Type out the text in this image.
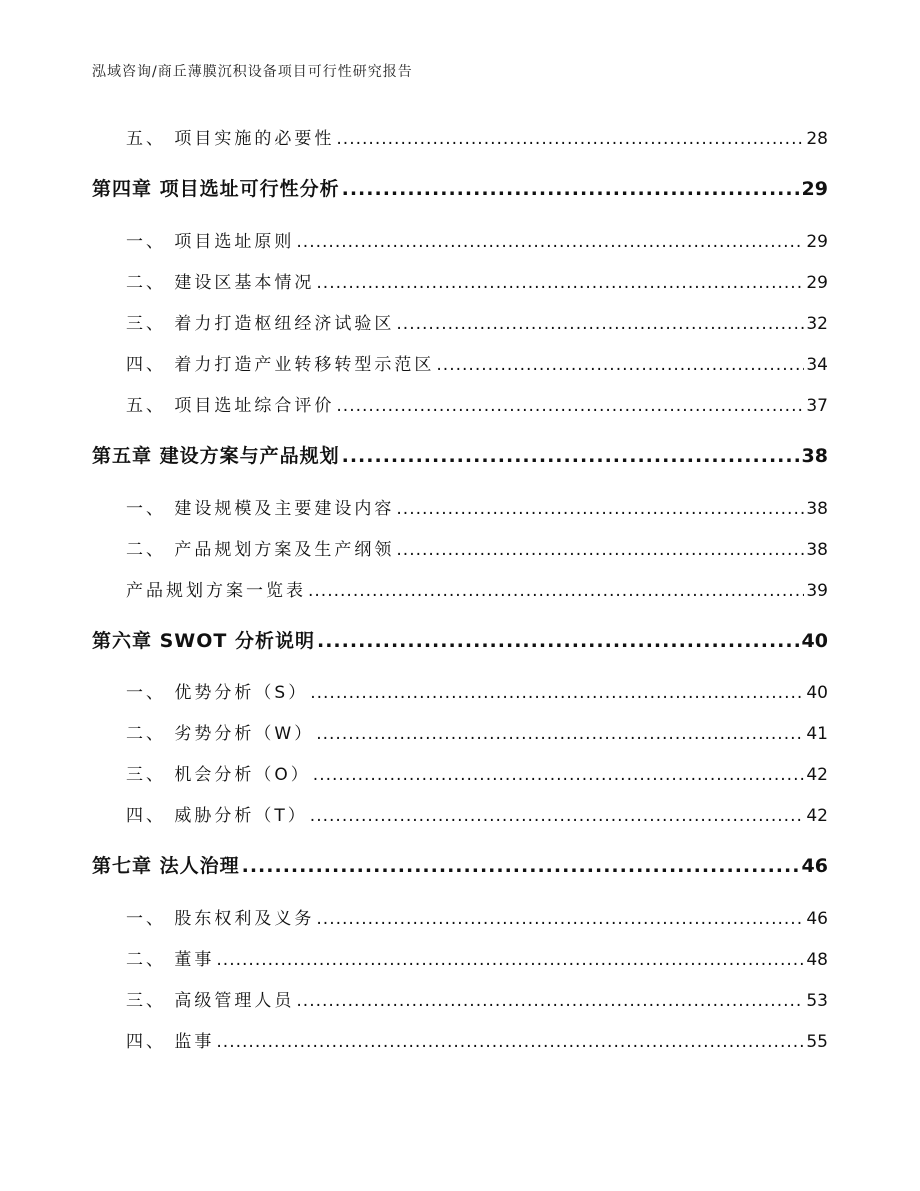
泓域咨询/商丘薄膜沉积设备项目可行性研究报告
五、 项目实施的必要性 .....	28
第四章 项目选址可行性分析 .....	29
一、 项目选址原则 .....	29
二、 建设区基本情况 .....	29
三、 着力打造枢纽经济试验区 .....	32
四、 着力打造产业转移转型示范区 .....	34
五、 项目选址综合评价 .....	37
第五章 建设方案与产品规划 .....	38
一、 建设规模及主要建设内容 .....	38
二、 产品规划方案及生产纲领 .....	38
产品规划方案一览表 .....	39
第六章 SWOT 分析说明 .....	40
一、 优势分析（S） .....	40
二、 劣势分析（W） .....	41
三、 机会分析（O） .....	42
四、 威胁分析（T） .....	42
第七章 法人治理 .....	46
一、 股东权利及义务 .....	46
二、 董事 .....	48
三、 高级管理人员 .....	53
四、 监事 .....	55
